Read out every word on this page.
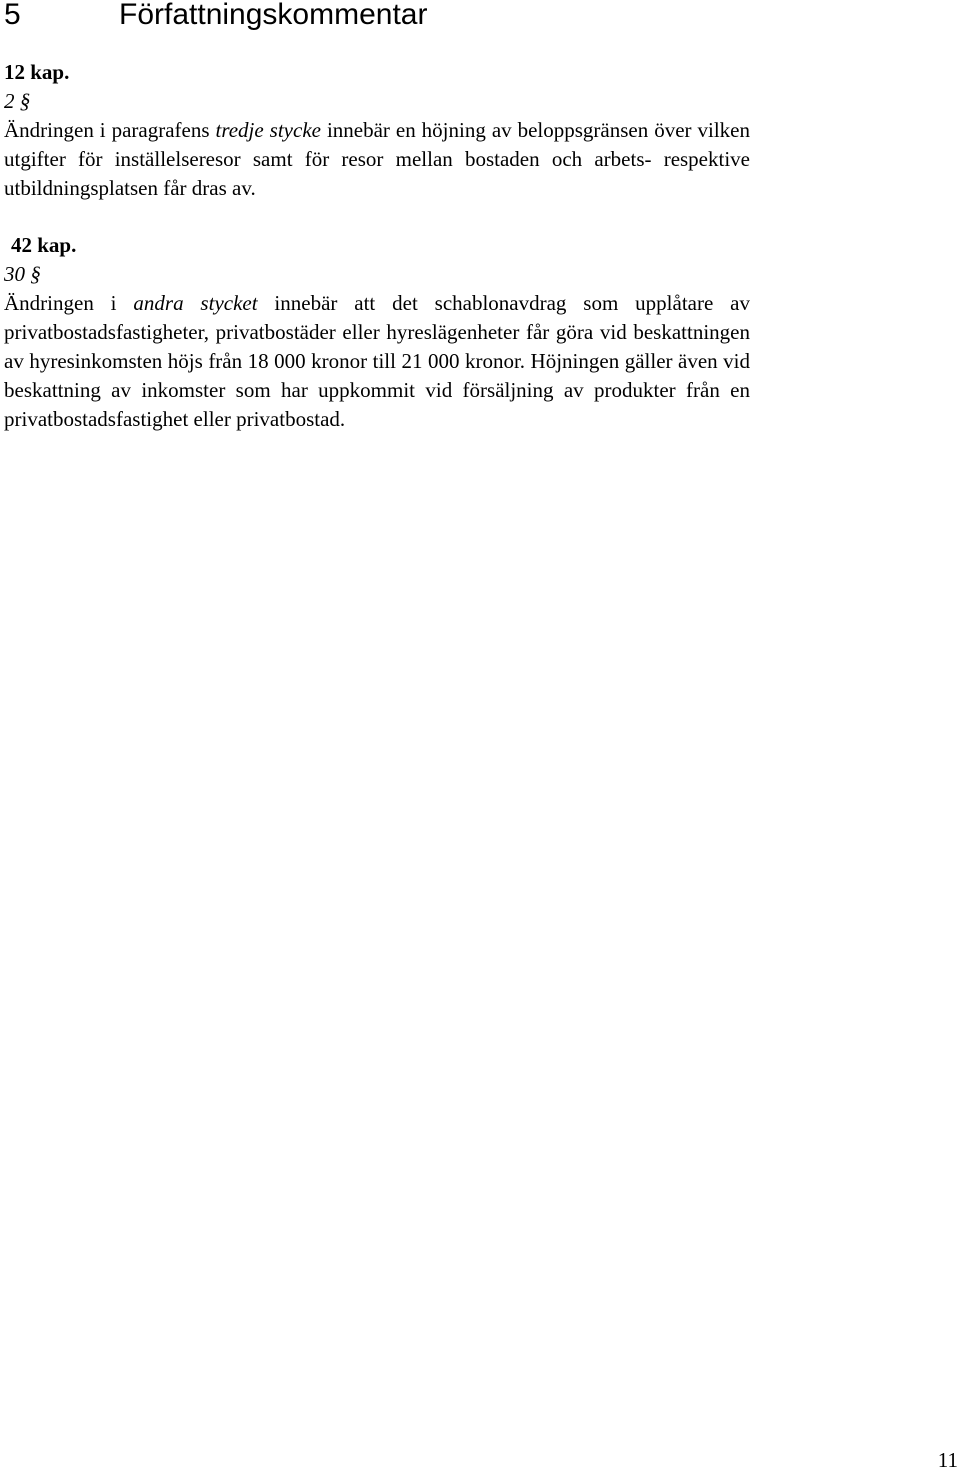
5	Författningskommentar

12 kap.

2 §

Ändringen i paragrafens tredje stycke innebär en höjning av beloppsgränsen över vilken utgifter för inställelseresor samt för resor mellan bostaden och arbets- respektive utbildningsplatsen får dras av.

42 kap.

30 §

Ändringen i andra stycket innebär att det schablonavdrag som upplåtare av privatbostadsfastigheter, privatbostäder eller hyreslägenheter får göra vid beskattningen av hyresinkomsten höjs från 18 000 kronor till 21 000 kronor. Höjningen gäller även vid beskattning av inkomster som har uppkommit vid försäljning av produkter från en privatbostadsfastighet eller privatbostad.

11
